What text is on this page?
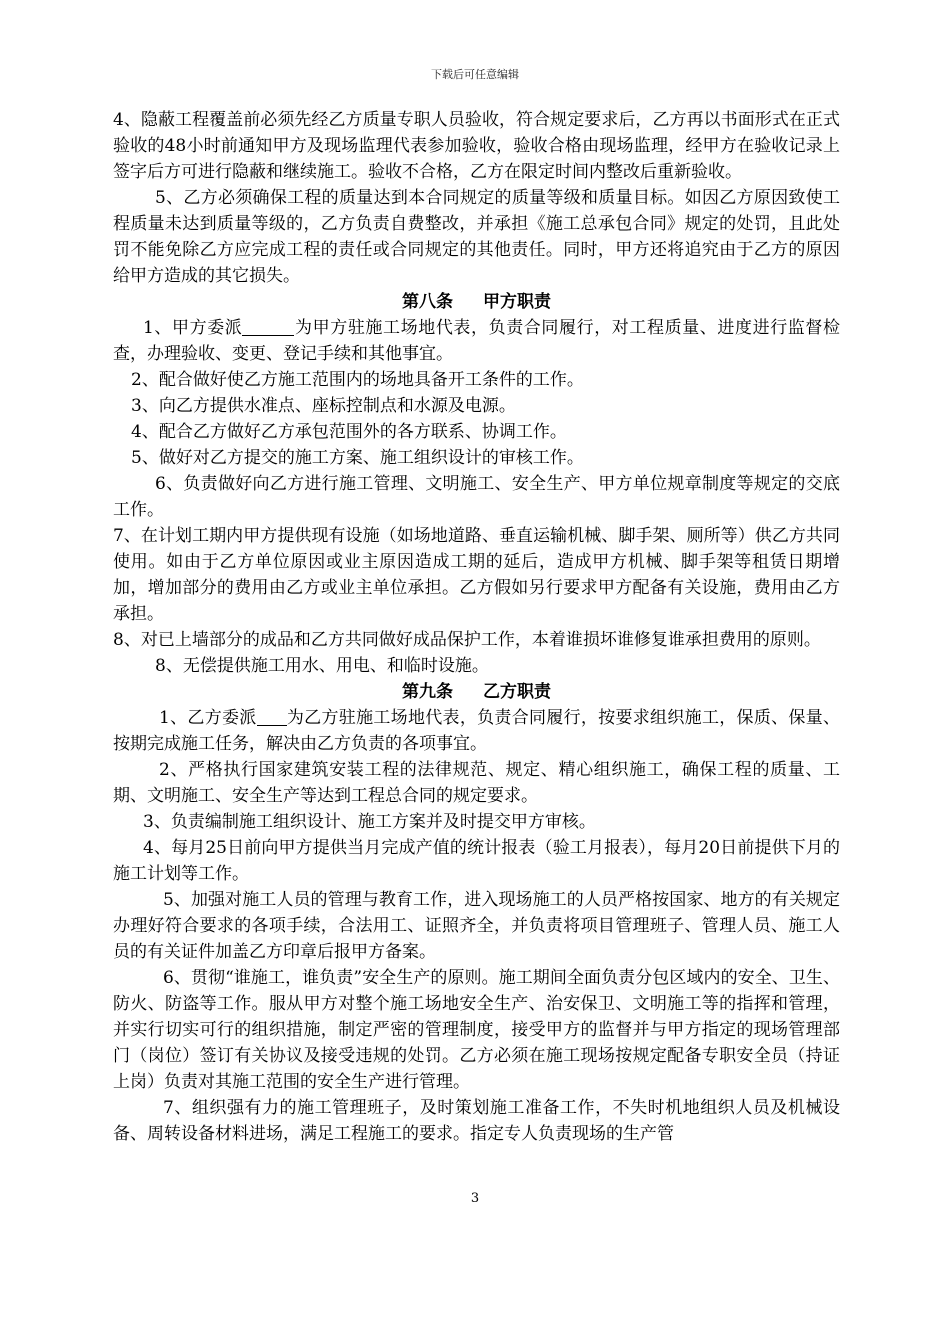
下载后可任意编辑

4、隐蔽工程覆盖前必须先经乙方质量专职人员验收，符合规定要求后，乙方再以书面形式在正式验收的48小时前通知甲方及现场监理代表参加验收，验收合格由现场监理，经甲方在验收记录上签字后方可进行隐蔽和继续施工。验收不合格，乙方在限定时间内整改后重新验收。

5、乙方必须确保工程的质量达到本合同规定的质量等级和质量目标。如因乙方原因致使工程质量未达到质量等级的，乙方负责自费整改，并承担《施工总承包合同》规定的处罚，且此处罚不能免除乙方应完成工程的责任或合同规定的其他责任。同时，甲方还将追究由于乙方的原因给甲方造成的其它损失。

第八条 甲方职责

1、甲方委派	为甲方驻施工场地代表，负责合同履行，对工程质量、进度进行监督检查，办理验收、变更、登记手续和其他事宜。

2、配合做好使乙方施工范围内的场地具备开工条件的工作。

3、向乙方提供水准点、座标控制点和水源及电源。

4、配合乙方做好乙方承包范围外的各方联系、协调工作。

5、做好对乙方提交的施工方案、施工组织设计的审核工作。

6、负责做好向乙方进行施工管理、文明施工、安全生产、甲方单位规章制度等规定的交底工作。

7、在计划工期内甲方提供现有设施（如场地道路、垂直运输机械、脚手架、厕所等）供乙方共同使用。如由于乙方单位原因或业主原因造成工期的延后，造成甲方机械、脚手架等租赁日期增加，增加部分的费用由乙方或业主单位承担。乙方假如另行要求甲方配备有关设施，费用由乙方承担。

8、对已上墙部分的成品和乙方共同做好成品保护工作，本着谁损坏谁修复谁承担费用的原则。

8、无偿提供施工用水、用电、和临时设施。

第九条 乙方职责

1、乙方委派 为乙方驻施工场地代表，负责合同履行，按要求组织施工，保质、保量、按期完成施工任务，解决由乙方负责的各项事宜。

2、严格执行国家建筑安装工程的法律规范、规定、精心组织施工，确保工程的质量、工期、文明施工、安全生产等达到工程总合同的规定要求。

3、负责编制施工组织设计、施工方案并及时提交甲方审核。

4、每月25日前向甲方提供当月完成产值的统计报表（验工月报表），每月20日前提供下月的施工计划等工作。

5、加强对施工人员的管理与教育工作，进入现场施工的人员严格按国家、地方的有关规定办理好符合要求的各项手续，合法用工、证照齐全，并负责将项目管理班子、管理人员、施工人员的有关证件加盖乙方印章后报甲方备案。

6、贯彻“谁施工，谁负责”安全生产的原则。施工期间全面负责分包区域内的安全、卫生、防火、防盗等工作。服从甲方对整个施工场地安全生产、治安保卫、文明施工等的指挥和管理，并实行切实可行的组织措施，制定严密的管理制度，接受甲方的监督并与甲方指定的现场管理部门（岗位）签订有关协议及接受违规的处罚。乙方必须在施工现场按规定配备专职安全员（持证上岗）负责对其施工范围的安全生产进行管理。

7、组织强有力的施工管理班子，及时策划施工准备工作，不失时机地组织人员及机械设备、周转设备材料进场，满足工程施工的要求。指定专人负责现场的生产管

3
